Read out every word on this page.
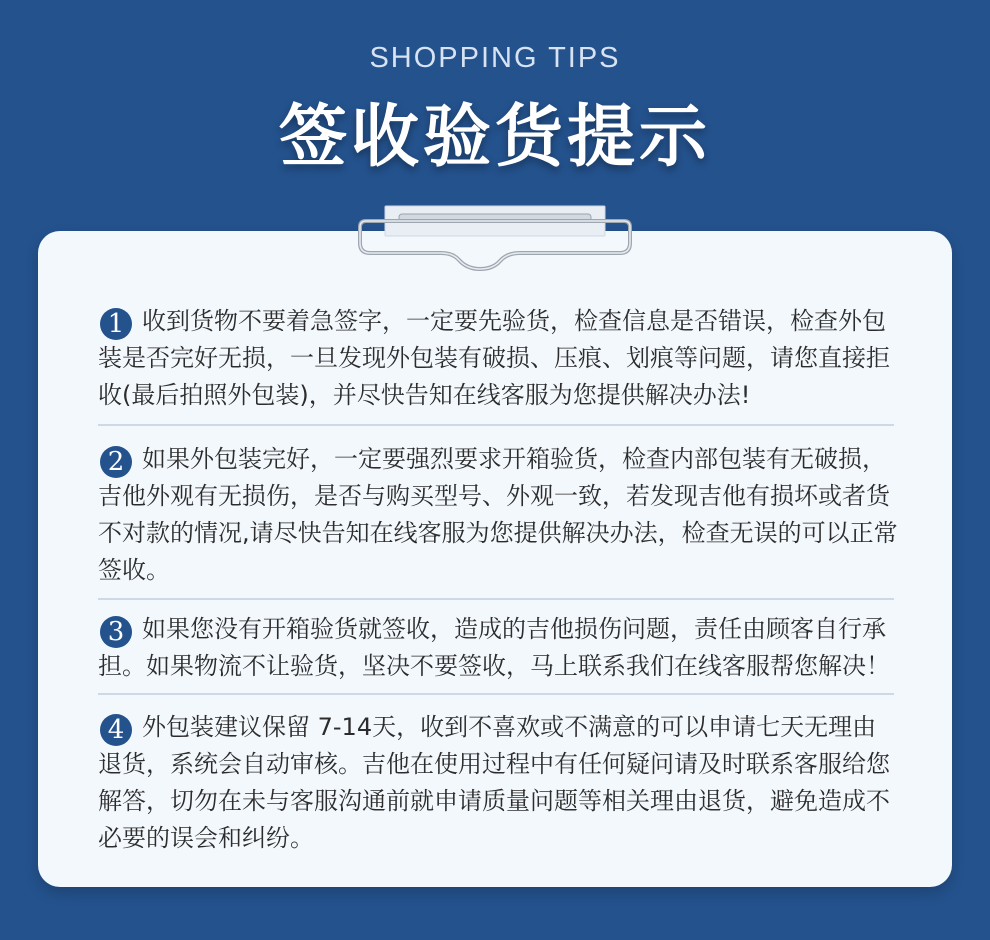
SHOPPING TIPS
签收验货提示
1 收到货物不要着急签字，一定要先验货，检查信息是否错误，检查外包装是否完好无损，一旦发现外包装有破损、压痕、划痕等问题，请您直接拒收(最后拍照外包装)，并尽快告知在线客服为您提供解决办法!
2 如果外包装完好，一定要强烈要求开箱验货，检查内部包装有无破损，吉他外观有无损伤，是否与购买型号、外观一致，若发现吉他有损坏或者货不对款的情况,请尽快告知在线客服为您提供解决办法，检查无误的可以正常签收。
3 如果您没有开箱验货就签收，造成的吉他损伤问题，责任由顾客自行承担。如果物流不让验货，坚决不要签收，马上联系我们在线客服帮您解决！
4 外包装建议保留 7-14天，收到不喜欢或不满意的可以申请七天无理由退货，系统会自动审核。吉他在使用过程中有任何疑问请及时联系客服给您解答，切勿在未与客服沟通前就申请质量问题等相关理由退货，避免造成不必要的误会和纠纷。
